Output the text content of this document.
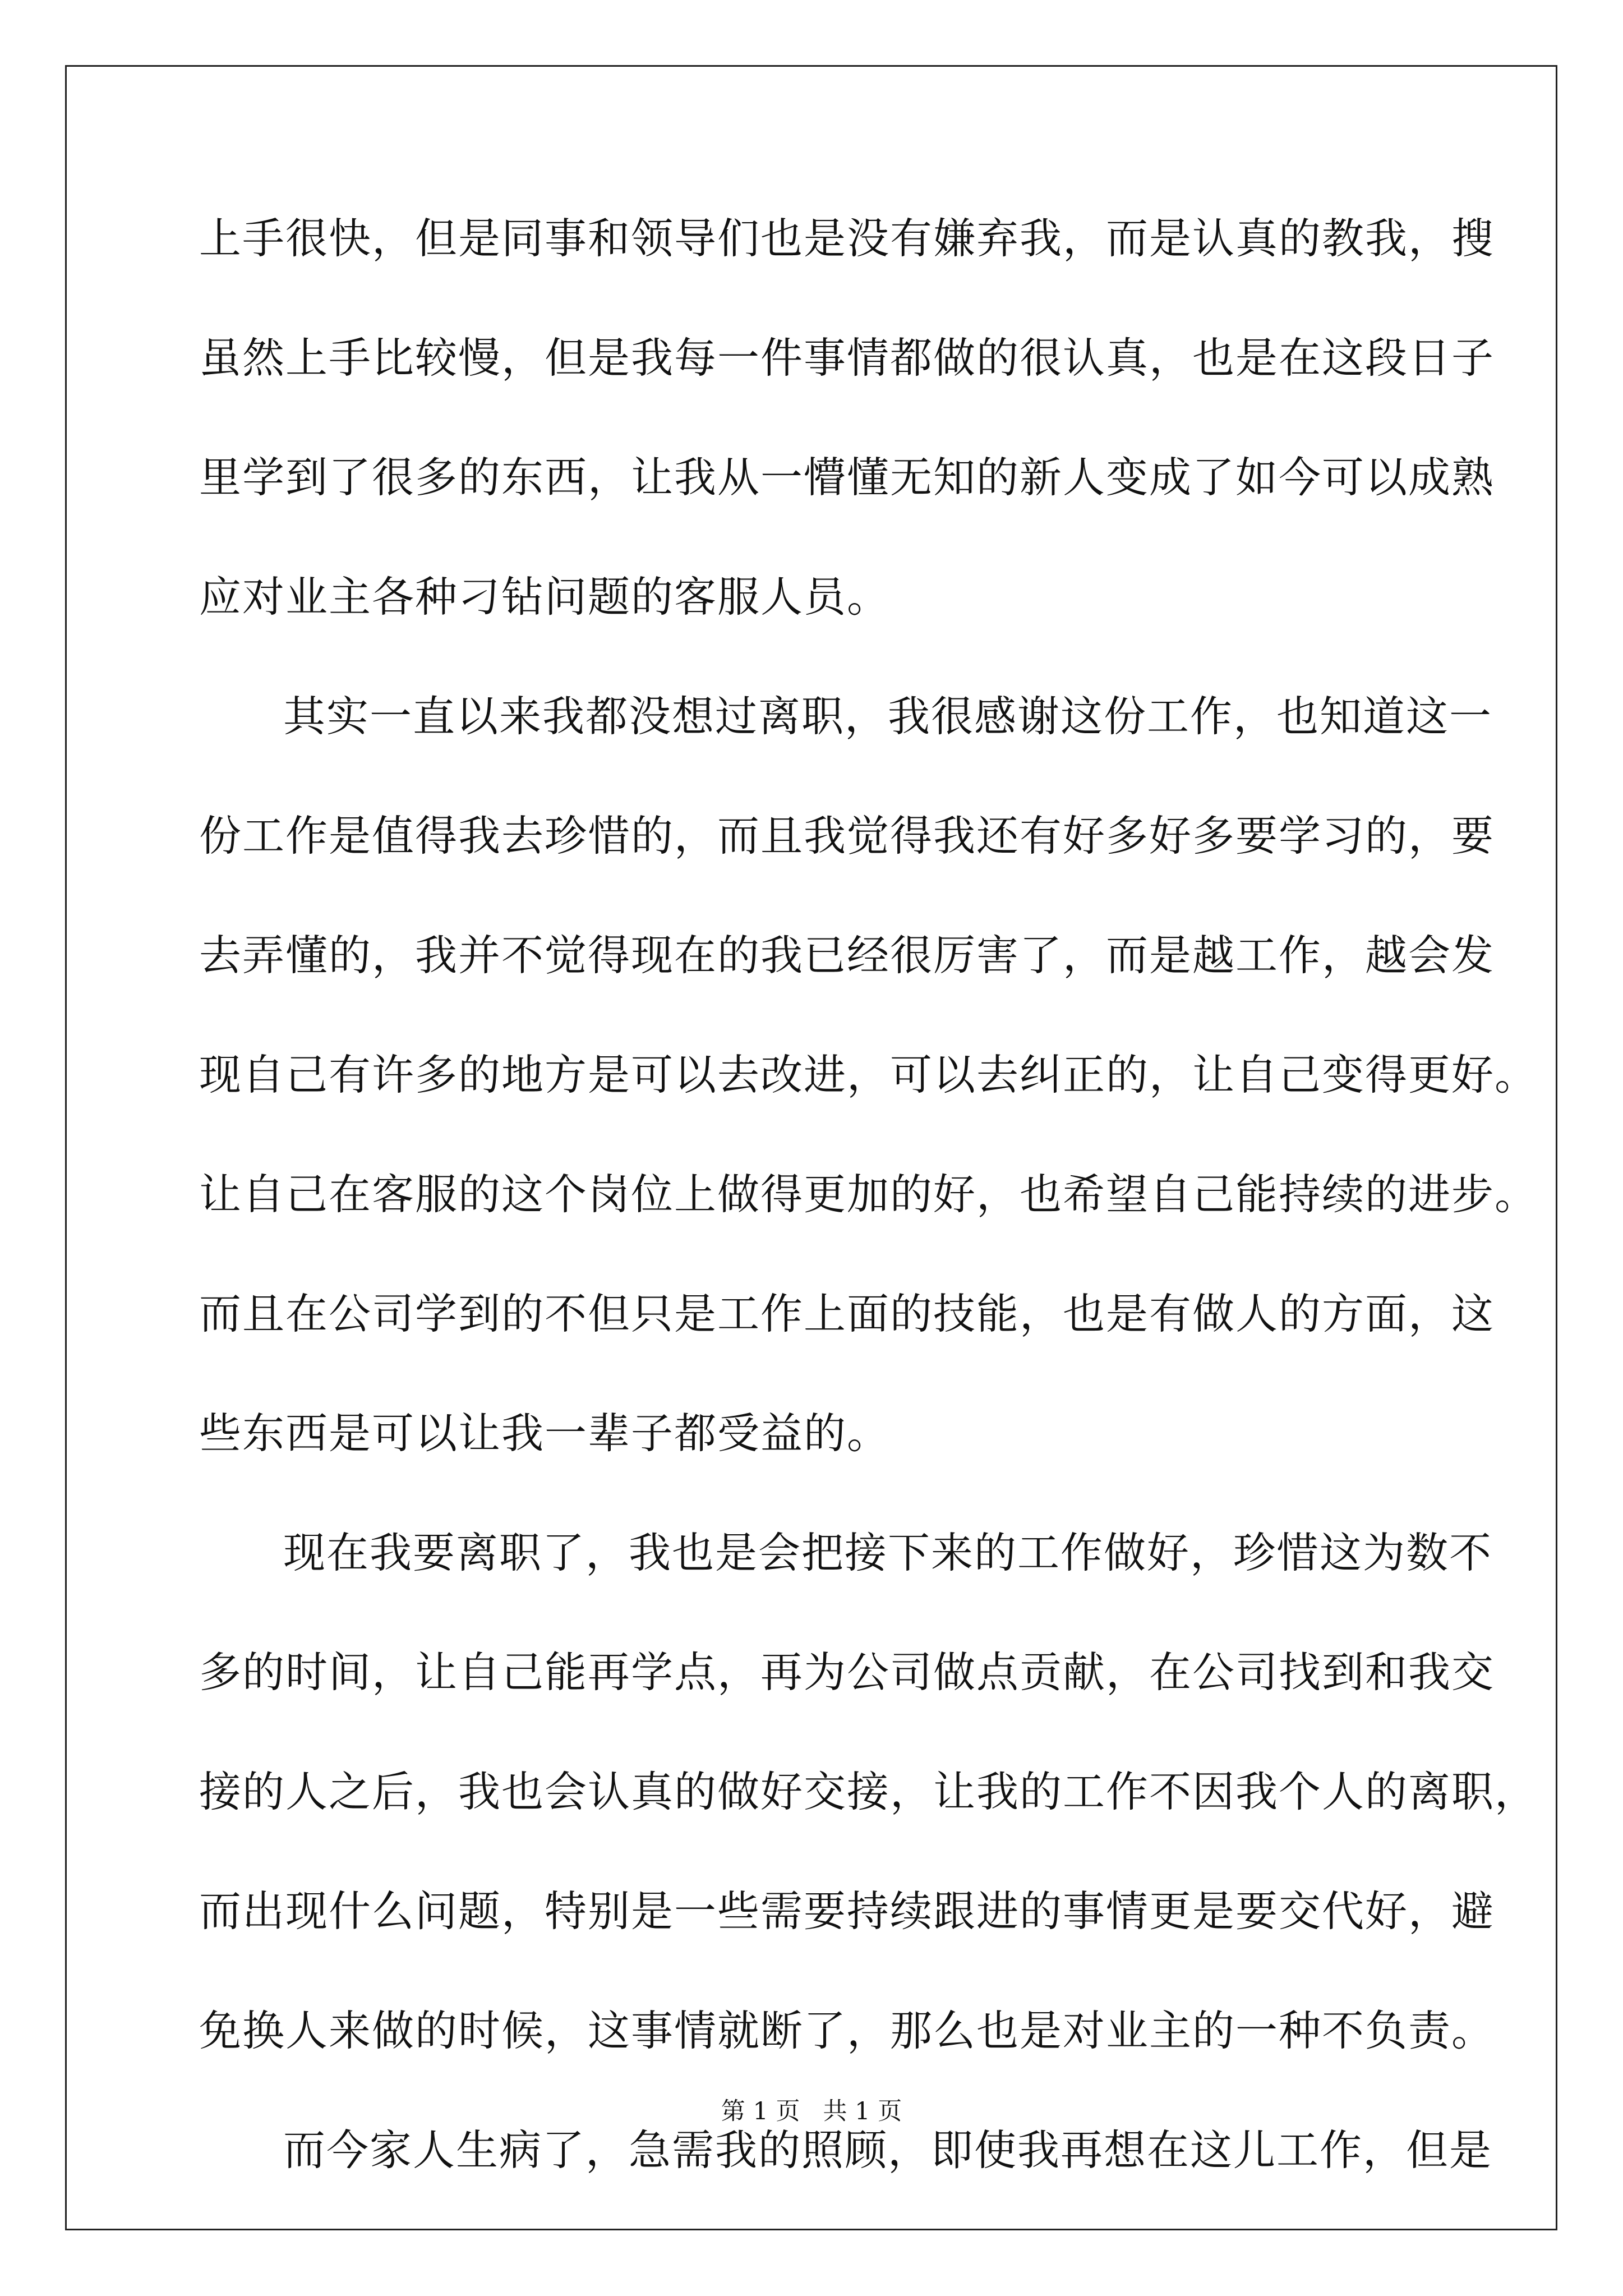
上手很快，但是同事和领导们也是没有嫌弃我，而是认真的教我，搜
虽然上手比较慢，但是我每一件事情都做的很认真，也是在这段日子
里学到了很多的东西，让我从一懵懂无知的新人变成了如今可以成熟
应对业主各种刁钻问题的客服人员。
其实一直以来我都没想过离职，我很感谢这份工作，也知道这一
份工作是值得我去珍惜的，而且我觉得我还有好多好多要学习的，要
去弄懂的，我并不觉得现在的我已经很厉害了，而是越工作，越会发
现自己有许多的地方是可以去改进，可以去纠正的，让自己变得更好。
让自己在客服的这个岗位上做得更加的好，也希望自己能持续的进步。
而且在公司学到的不但只是工作上面的技能，也是有做人的方面，这
些东西是可以让我一辈子都受益的。
现在我要离职了，我也是会把接下来的工作做好，珍惜这为数不
多的时间，让自己能再学点，再为公司做点贡献，在公司找到和我交
接的人之后，我也会认真的做好交接，让我的工作不因我个人的离职，
而出现什么问题，特别是一些需要持续跟进的事情更是要交代好，避
免换人来做的时候，这事情就断了，那么也是对业主的一种不负责。
而今家人生病了，急需我的照顾，即使我再想在这儿工作，但是
第 1 页   共 1 页
